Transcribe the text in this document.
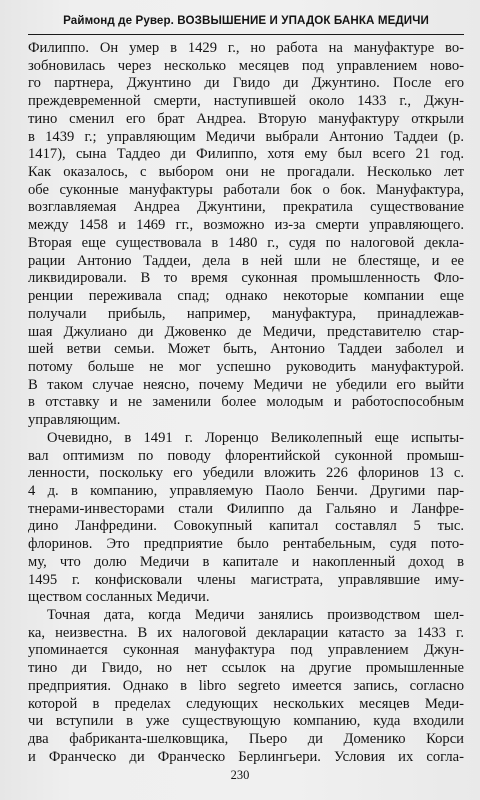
Раймонд де Рувер. ВОЗВЫШЕНИЕ И УПАДОК БАНКА МЕДИЧИ
Филиппо. Он умер в 1429 г., но работа на мануфактуре во-
зобновилась через несколько месяцев под управлением ново-
го партнера, Джунтино ди Гвидо ди Джунтино. После его
преждевременной смерти, наступившей около 1433 г., Джун-
тино сменил его брат Андреа. Вторую мануфактуру открыли
в 1439 г.; управляющим Медичи выбрали Антонио Таддеи (р.
1417), сына Таддео ди Филиппо, хотя ему был всего 21 год.
Как оказалось, с выбором они не прогадали. Несколько лет
обе суконные мануфактуры работали бок о бок. Мануфактура,
возглавляемая Андреа Джунтини, прекратила существование
между 1458 и 1469 гг., возможно из-за смерти управляющего.
Вторая еще существовала в 1480 г., судя по налоговой декла-
рации Антонио Таддеи, дела в ней шли не блестяще, и ее
ликвидировали. В то время суконная промышленность Фло-
ренции переживала спад; однако некоторые компании еще
получали прибыль, например, мануфактура, принадлежав-
шая Джулиано ди Джовенко де Медичи, представителю стар-
шей ветви семьи. Может быть, Антонио Таддеи заболел и
потому больше не мог успешно руководить мануфактурой.
В таком случае неясно, почему Медичи не убедили его выйти
в отставку и не заменили более молодым и работоспособным
управляющим.
Очевидно, в 1491 г. Лоренцо Великолепный еще испыты-
вал оптимизм по поводу флорентийской суконной промыш-
ленности, поскольку его убедили вложить 226 флоринов 13 с.
4 д. в компанию, управляемую Паоло Бенчи. Другими пар-
тнерами-инвесторами стали Филиппо да Гальяно и Ланфре-
дино Ланфредини. Совокупный капитал составлял 5 тыс.
флоринов. Это предприятие было рентабельным, судя пото-
му, что долю Медичи в капитале и накопленный доход в
1495 г. конфисковали члены магистрата, управлявшие иму-
ществом сосланных Медичи.
Точная дата, когда Медичи занялись производством шел-
ка, неизвестна. В их налоговой декларации катасто за 1433 г.
упоминается суконная мануфактура под управлением Джун-
тино ди Гвидо, но нет ссылок на другие промышленные
предприятия. Однако в libro segreto имеется запись, согласно
которой в пределах следующих нескольких месяцев Меди-
чи вступили в уже существующую компанию, куда входили
два фабриканта-шелковщика, Пьеро ди Доменико Корси
и Франческо ди Франческо Берлингьери. Условия их согла-
230
